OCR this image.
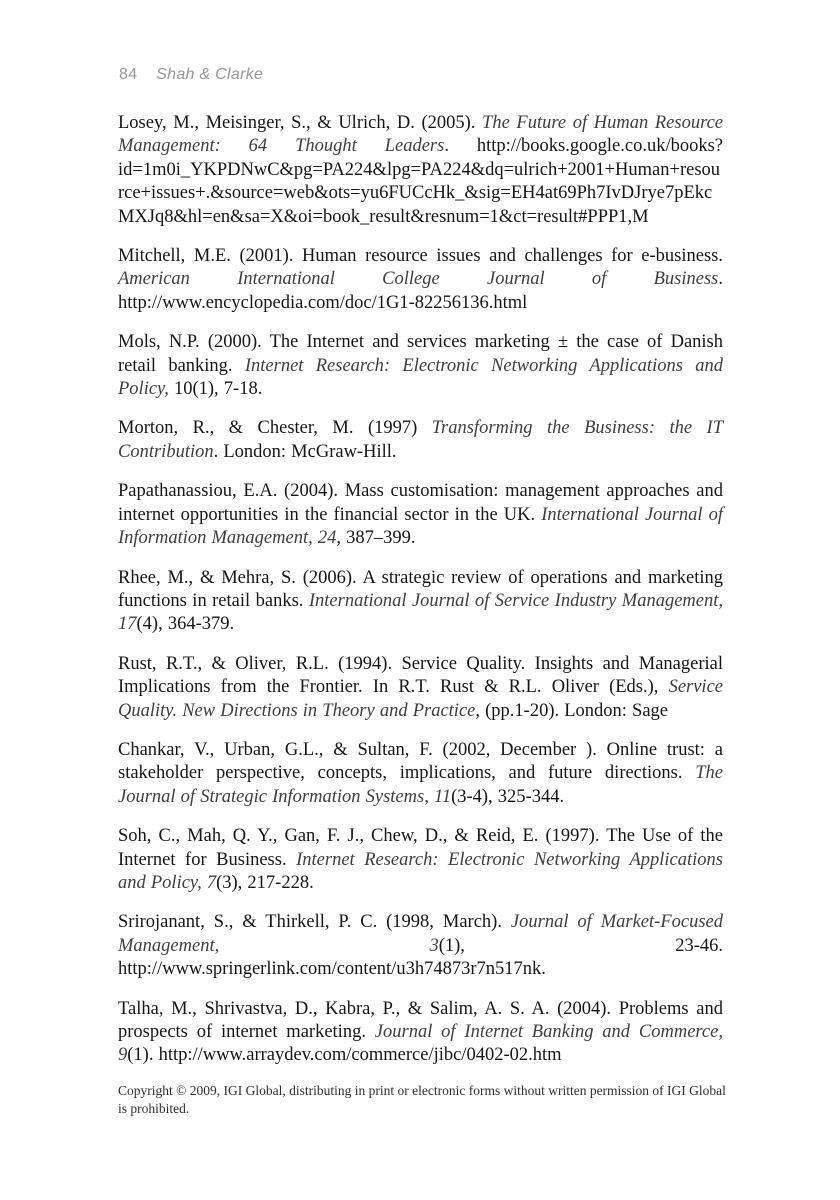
84 Shah & Clarke

Losey, M., Meisinger, S., & Ulrich, D. (2005). The Future of Human Resource Management: 64 Thought Leaders. http://books.google.co.uk/books?id=1m0i_YKPDNwC&pg=PA224&lpg=PA224&dq=ulrich+2001+Human+resource+issues+.&source=web&ots=yu6FUCcHk_&sig=EH4at69Ph7IvDJrye7pEkcMXJq8&hl=en&sa=X&oi=book_result&resnum=1&ct=result#PPP1,M

Mitchell, M.E. (2001). Human resource issues and challenges for e-business. American International College Journal of Business. http://www.encyclopedia.com/doc/1G1-82256136.html

Mols, N.P. (2000). The Internet and services marketing ± the case of Danish retail banking. Internet Research: Electronic Networking Applications and Policy, 10(1), 7-18.

Morton, R., & Chester, M. (1997) Transforming the Business: the IT Contribution. London: McGraw-Hill.

Papathanassiou, E.A. (2004). Mass customisation: management approaches and internet opportunities in the financial sector in the UK. International Journal of Information Management, 24, 387–399.

Rhee, M., & Mehra, S. (2006). A strategic review of operations and marketing functions in retail banks. International Journal of Service Industry Management, 17(4), 364-379.

Rust, R.T., & Oliver, R.L. (1994). Service Quality. Insights and Managerial Implications from the Frontier. In R.T. Rust & R.L. Oliver (Eds.), Service Quality. New Directions in Theory and Practice, (pp.1-20). London: Sage

Chankar, V., Urban, G.L., & Sultan, F. (2002, December ). Online trust: a stakeholder perspective, concepts, implications, and future directions. The Journal of Strategic Information Systems, 11(3-4), 325-344.

Soh, C., Mah, Q. Y., Gan, F. J., Chew, D., & Reid, E. (1997). The Use of the Internet for Business. Internet Research: Electronic Networking Applications and Policy, 7(3), 217-228.

Srirojanant, S., & Thirkell, P. C. (1998, March). Journal of Market-Focused Management, 3(1), 23-46. http://www.springerlink.com/content/u3h74873r7n517nk.

Talha, M., Shrivastva, D., Kabra, P., & Salim, A. S. A. (2004). Problems and prospects of internet marketing. Journal of Internet Banking and Commerce, 9(1). http://www.arraydev.com/commerce/jibc/0402-02.htm

Copyright © 2009, IGI Global, distributing in print or electronic forms without written permission of IGI Global is prohibited.
